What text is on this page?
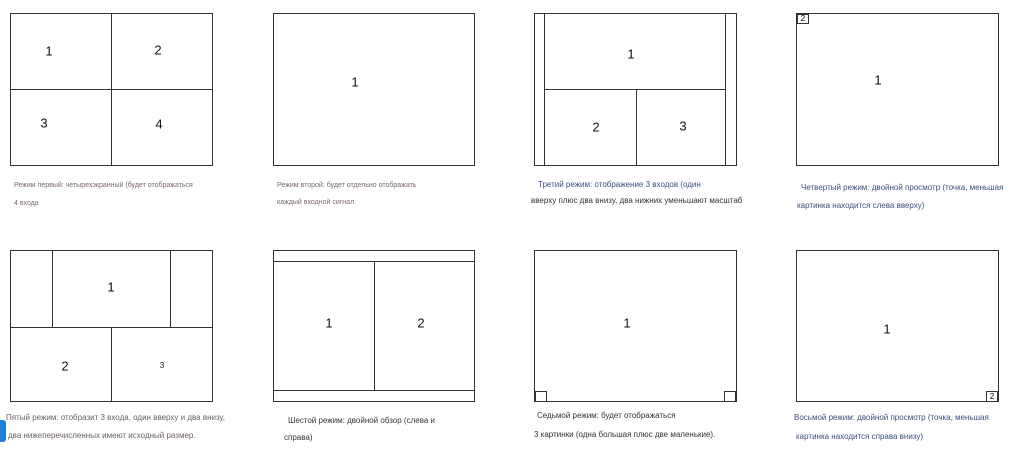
1	2
3	4
Режим первый: четырехэкранный (будет отображаться
4 входа
1
Режим второй: будет отдельно отображать
каждый входной сигнал
1
2	3
Третий режим: отображение 3 входов (один
вверху плюс два внизу, два нижних уменьшают масштаб
2
1
Четвертый режим: двойной просмотр (точка, меньшая
картинка находится слева вверху)
1
2	3
Пятый режим: отобразит 3 входа, один вверху и два внизу,
два нижеперечисленных имеют исходный размер.
1	2
Шестой режим: двойной обзор (слева и
справа)
1
Седьмой режим: будет отображаться
3 картинки (одна большая плюс две маленькие).
2
1
Восьмой режим: двойной просмотр (точка, меньшая
картинка находится справа внизу)
